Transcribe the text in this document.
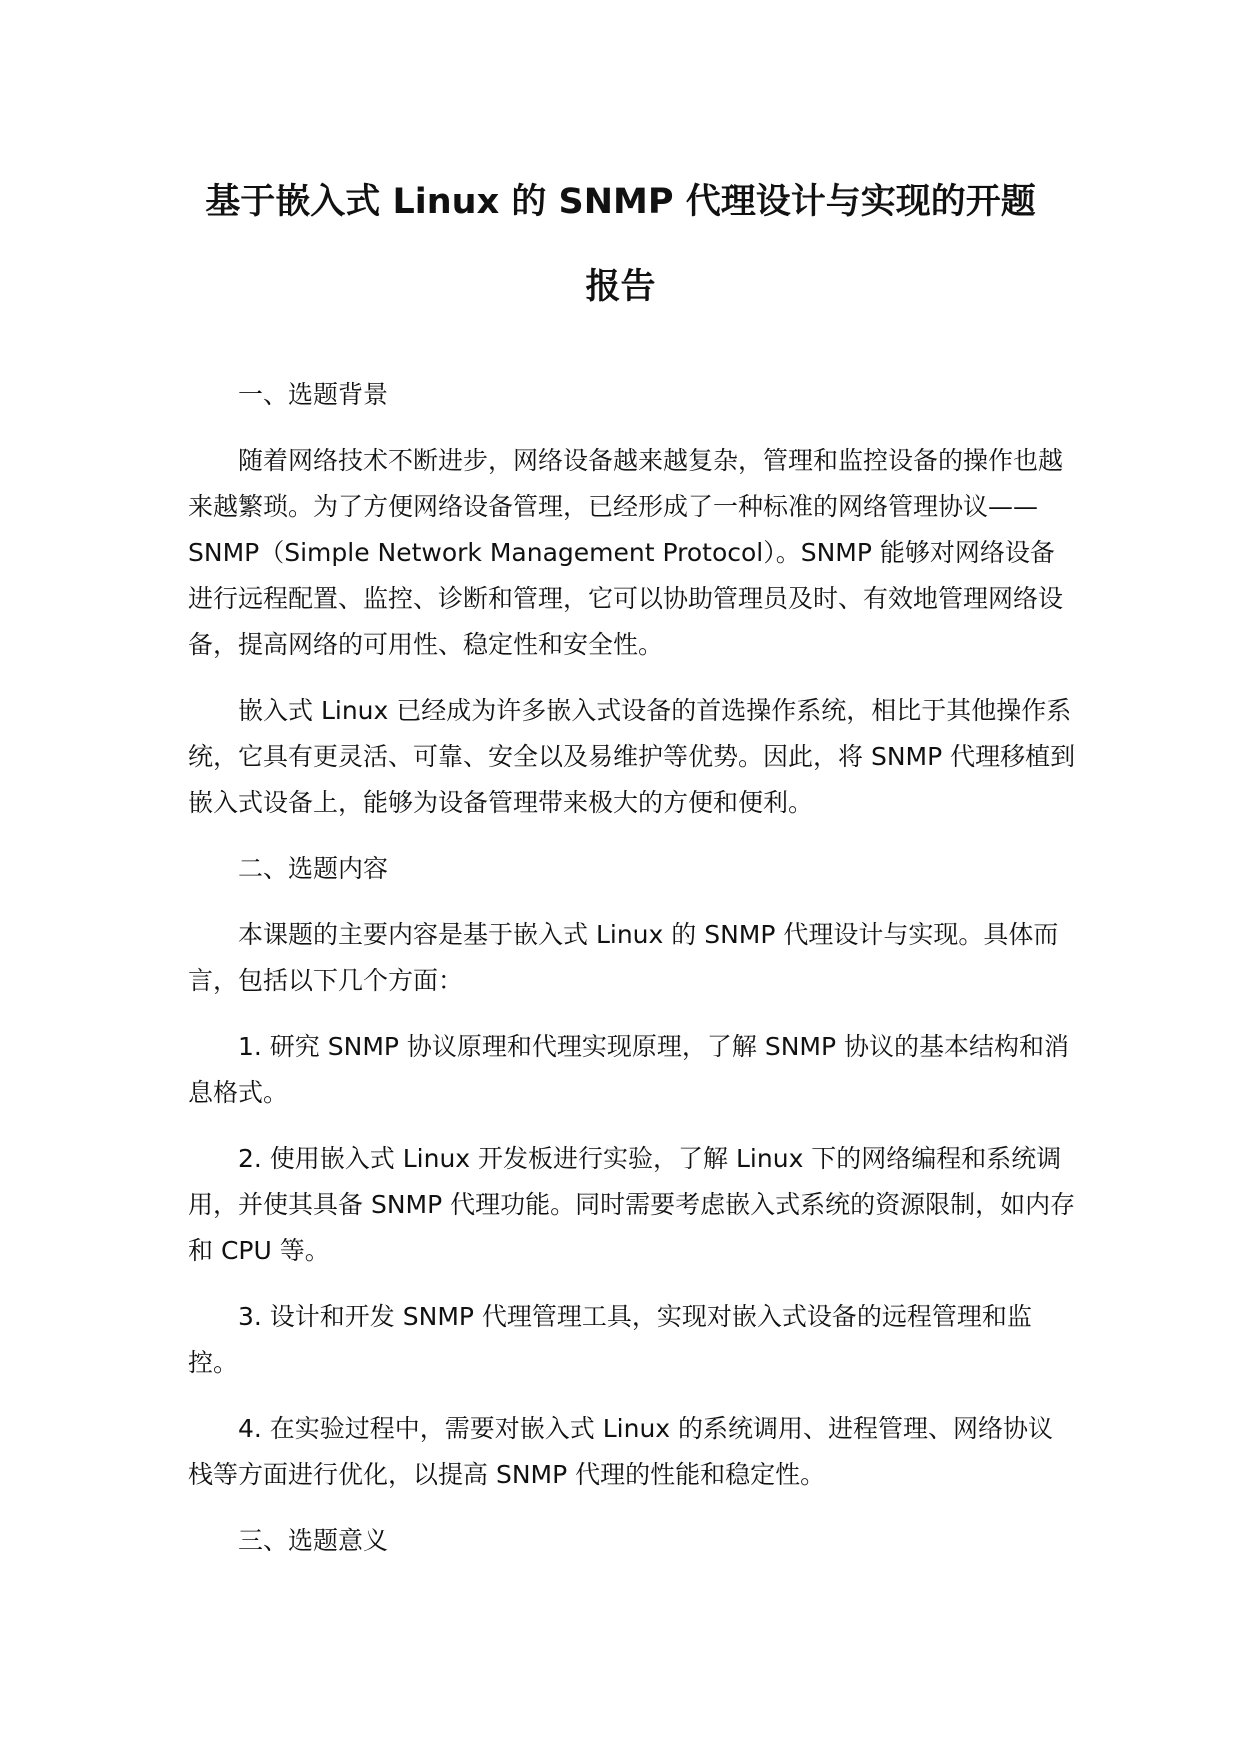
基于嵌入式 Linux 的 SNMP 代理设计与实现的开题
报告

一、选题背景

随着网络技术不断进步，网络设备越来越复杂，管理和监控设备的操作也越来越繁琐。为了方便网络设备管理，已经形成了一种标准的网络管理协议——SNMP（Simple Network Management Protocol）。SNMP 能够对网络设备进行远程配置、监控、诊断和管理，它可以协助管理员及时、有效地管理网络设备，提高网络的可用性、稳定性和安全性。

嵌入式 Linux 已经成为许多嵌入式设备的首选操作系统，相比于其他操作系统，它具有更灵活、可靠、安全以及易维护等优势。因此，将 SNMP 代理移植到嵌入式设备上，能够为设备管理带来极大的方便和便利。

二、选题内容

本课题的主要内容是基于嵌入式 Linux 的 SNMP 代理设计与实现。具体而言，包括以下几个方面：

1. 研究 SNMP 协议原理和代理实现原理，了解 SNMP 协议的基本结构和消息格式。

2. 使用嵌入式 Linux 开发板进行实验，了解 Linux 下的网络编程和系统调用，并使其具备 SNMP 代理功能。同时需要考虑嵌入式系统的资源限制，如内存和 CPU 等。

3. 设计和开发 SNMP 代理管理工具，实现对嵌入式设备的远程管理和监控。

4. 在实验过程中，需要对嵌入式 Linux 的系统调用、进程管理、网络协议栈等方面进行优化，以提高 SNMP 代理的性能和稳定性。

三、选题意义
